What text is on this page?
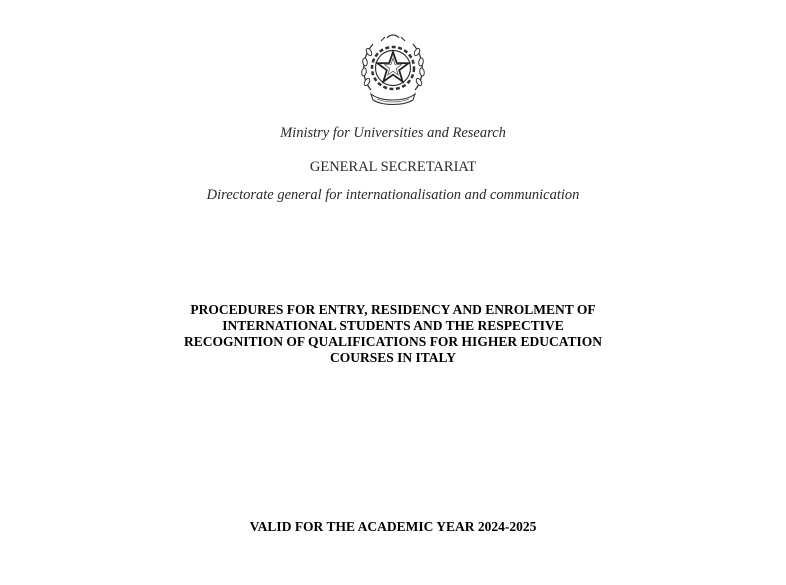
Ministry for Universities and Research
GENERAL SECRETARIAT
Directorate general for internationalisation and communication
PROCEDURES FOR ENTRY, RESIDENCY AND ENROLMENT OF
INTERNATIONAL STUDENTS AND THE RESPECTIVE
RECOGNITION OF QUALIFICATIONS FOR HIGHER EDUCATION
COURSES IN ITALY
VALID FOR THE ACADEMIC YEAR 2024-2025
